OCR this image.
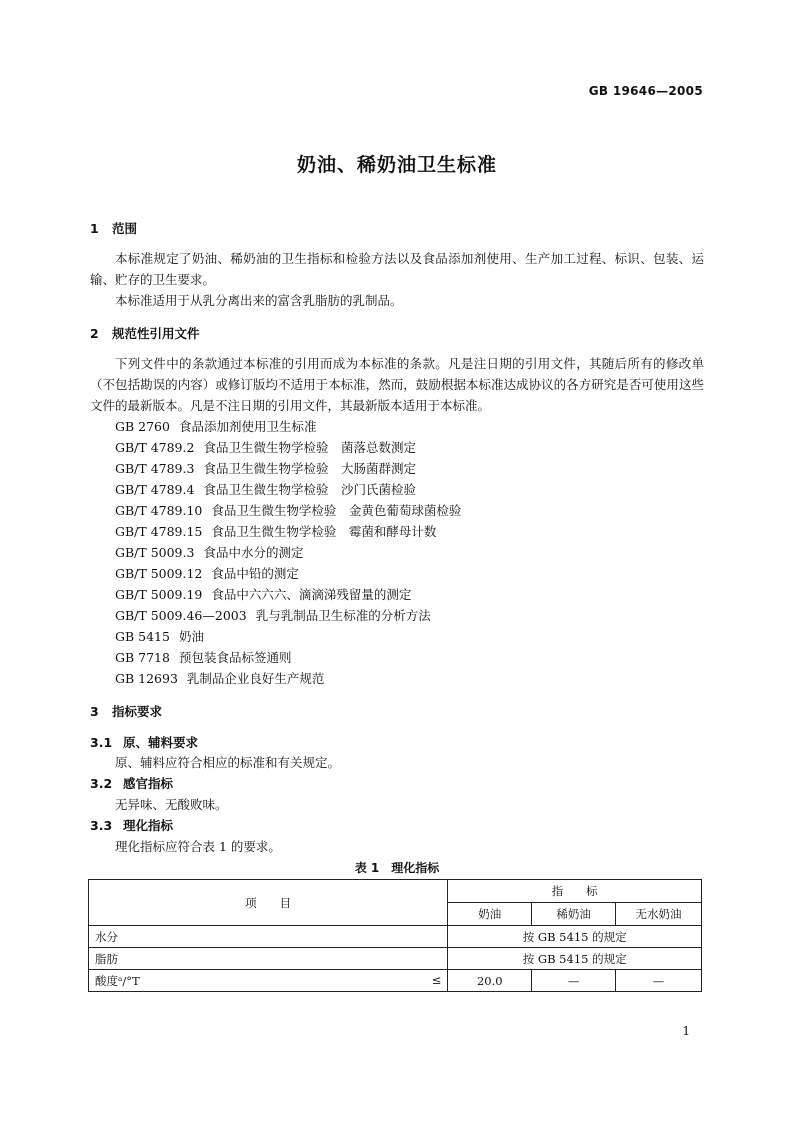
GB 19646—2005
奶油、稀奶油卫生标准
1 范围
本标准规定了奶油、稀奶油的卫生指标和检验方法以及食品添加剂使用、生产加工过程、标识、包装、运输、贮存的卫生要求。
本标准适用于从乳分离出来的富含乳脂肪的乳制品。
2 规范性引用文件
下列文件中的条款通过本标准的引用而成为本标准的条款。凡是注日期的引用文件，其随后所有的修改单（不包括勘误的内容）或修订版均不适用于本标准，然而，鼓励根据本标准达成协议的各方研究是否可使用这些文件的最新版本。凡是不注日期的引用文件，其最新版本适用于本标准。
GB 2760 食品添加剂使用卫生标准
GB/T 4789.2 食品卫生微生物学检验　菌落总数测定
GB/T 4789.3 食品卫生微生物学检验　大肠菌群测定
GB/T 4789.4 食品卫生微生物学检验　沙门氏菌检验
GB/T 4789.10 食品卫生微生物学检验　金黄色葡萄球菌检验
GB/T 4789.15 食品卫生微生物学检验　霉菌和酵母计数
GB/T 5009.3 食品中水分的测定
GB/T 5009.12 食品中铅的测定
GB/T 5009.19 食品中六六六、滴滴涕残留量的测定
GB/T 5009.46—2003 乳与乳制品卫生标准的分析方法
GB 5415 奶油
GB 7718 预包装食品标签通则
GB 12693 乳制品企业良好生产规范
3 指标要求
3.1 原、辅料要求
原、辅料应符合相应的标准和有关规定。
3.2 感官指标
无异味、无酸败味。
3.3 理化指标
理化指标应符合表 1 的要求。
表 1　理化指标
项　　目	指　　标		
	奶油	稀奶油	无水奶油
水分	按 GB 5415 的规定		
脂肪	按 GB 5415 的规定		
酸度ᵃ/°T ≤	20.0	—	—
1
